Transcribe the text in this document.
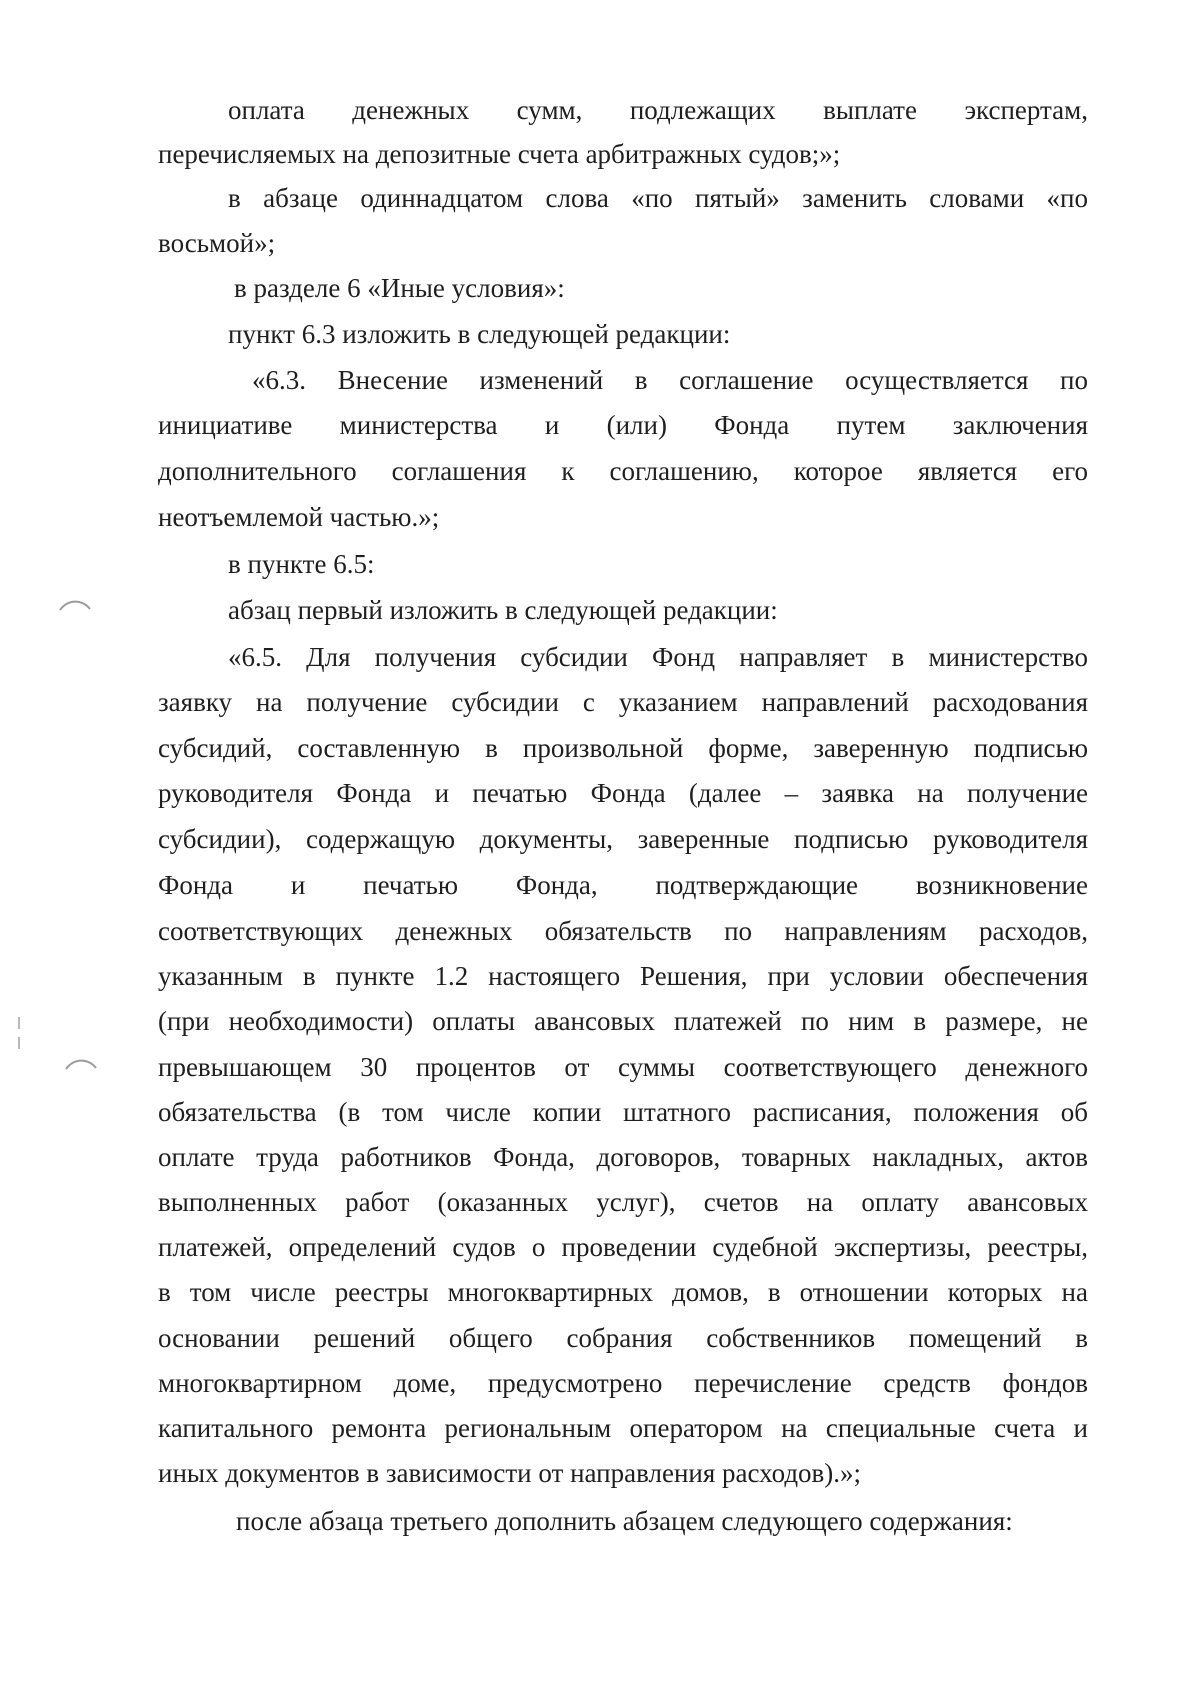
оплата денежных сумм, подлежащих выплате экспертам,
перечисляемых на депозитные счета арбитражных судов;»;
в абзаце одиннадцатом слова «по пятый» заменить словами «по
восьмой»;
в разделе 6 «Иные условия»:
пункт 6.3 изложить в следующей редакции:
«6.3. Внесение изменений в соглашение осуществляется по
инициативе министерства и (или) Фонда путем заключения
дополнительного соглашения к соглашению, которое является его
неотъемлемой частью.»;
в пункте 6.5:
абзац первый изложить в следующей редакции:
«6.5. Для получения субсидии Фонд направляет в министерство
заявку на получение субсидии с указанием направлений расходования
субсидий, составленную в произвольной форме, заверенную подписью
руководителя Фонда и печатью Фонда (далее – заявка на получение
субсидии), содержащую документы, заверенные подписью руководителя
Фонда и печатью Фонда, подтверждающие возникновение
соответствующих денежных обязательств по направлениям расходов,
указанным в пункте 1.2 настоящего Решения, при условии обеспечения
(при необходимости) оплаты авансовых платежей по ним в размере, не
превышающем 30 процентов от суммы соответствующего денежного
обязательства (в том числе копии штатного расписания, положения об
оплате труда работников Фонда, договоров, товарных накладных, актов
выполненных работ (оказанных услуг), счетов на оплату авансовых
платежей, определений судов о проведении судебной экспертизы, реестры,
в том числе реестры многоквартирных домов, в отношении которых на
основании решений общего собрания собственников помещений в
многоквартирном доме, предусмотрено перечисление средств фондов
капитального ремонта региональным оператором на специальные счета и
иных документов в зависимости от направления расходов).»;
после абзаца третьего дополнить абзацем следующего содержания:
